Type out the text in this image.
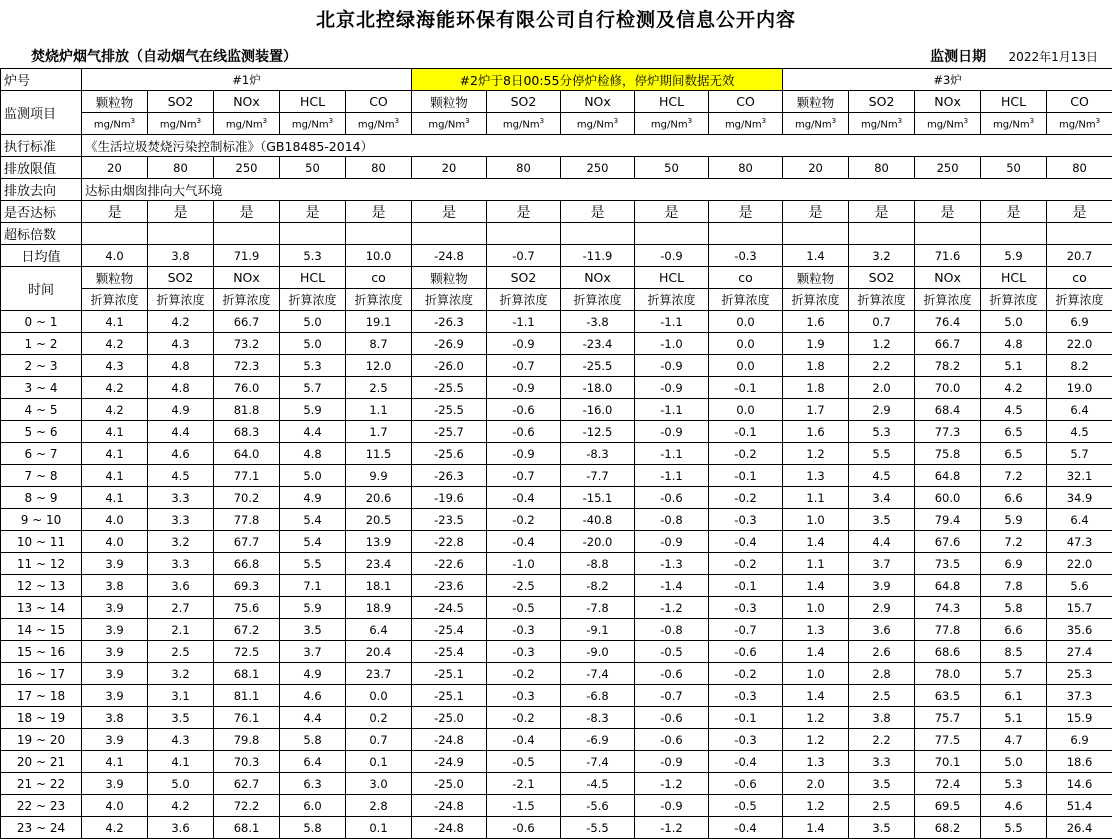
北京北控绿海能环保有限公司自行检测及信息公开内容
焚烧炉烟气排放（自动烟气在线监测装置）	监测日期 2022年1月13日
炉号	#1炉					#2炉于8日00:55分停炉检修，停炉期间数据无效					#3炉				
监测项目	颗粒物	SO2	NOx	HCL	CO	颗粒物	SO2	NOx	HCL	CO	颗粒物	SO2	NOx	HCL	CO
	mg/Nm$^3$	mg/Nm$^3$	mg/Nm$^3$	mg/Nm$^3$	mg/Nm$^3$	mg/Nm$^3$	mg/Nm$^3$	mg/Nm$^3$	mg/Nm$^3$	mg/Nm$^3$	mg/Nm$^3$	mg/Nm$^3$	mg/Nm$^3$	mg/Nm$^3$	mg/Nm$^3$
执行标准	《生活垃圾焚烧污染控制标准》（GB18485-2014）														
排放限值	20	80	250	50	80	20	80	250	50	80	20	80	250	50	80
排放去向	达标由烟囱排向大气环境														
是否达标	是	是	是	是	是	是	是	是	是	是	是	是	是	是	是
超标倍数															
日均值	4.0	3.8	71.9	5.3	10.0	-24.8	-0.7	-11.9	-0.9	-0.3	1.4	3.2	71.6	5.9	20.7
时间	颗粒物	SO2	NOx	HCL	co	颗粒物	SO2	NOx	HCL	co	颗粒物	SO2	NOx	HCL	co
	折算浓度	折算浓度	折算浓度	折算浓度	折算浓度	折算浓度	折算浓度	折算浓度	折算浓度	折算浓度	折算浓度	折算浓度	折算浓度	折算浓度	折算浓度
0 ~ 1	4.1	4.2	66.7	5.0	19.1	-26.3	-1.1	-3.8	-1.1	0.0	1.6	0.7	76.4	5.0	6.9
1 ~ 2	4.2	4.3	73.2	5.0	8.7	-26.9	-0.9	-23.4	-1.0	0.0	1.9	1.2	66.7	4.8	22.0
2 ~ 3	4.3	4.8	72.3	5.3	12.0	-26.0	-0.7	-25.5	-0.9	0.0	1.8	2.2	78.2	5.1	8.2
3 ~ 4	4.2	4.8	76.0	5.7	2.5	-25.5	-0.9	-18.0	-0.9	-0.1	1.8	2.0	70.0	4.2	19.0
4 ~ 5	4.2	4.9	81.8	5.9	1.1	-25.5	-0.6	-16.0	-1.1	0.0	1.7	2.9	68.4	4.5	6.4
5 ~ 6	4.1	4.4	68.3	4.4	1.7	-25.7	-0.6	-12.5	-0.9	-0.1	1.6	5.3	77.3	6.5	4.5
6 ~ 7	4.1	4.6	64.0	4.8	11.5	-25.6	-0.9	-8.3	-1.1	-0.2	1.2	5.5	75.8	6.5	5.7
7 ~ 8	4.1	4.5	77.1	5.0	9.9	-26.3	-0.7	-7.7	-1.1	-0.1	1.3	4.5	64.8	7.2	32.1
8 ~ 9	4.1	3.3	70.2	4.9	20.6	-19.6	-0.4	-15.1	-0.6	-0.2	1.1	3.4	60.0	6.6	34.9
9 ~ 10	4.0	3.3	77.8	5.4	20.5	-23.5	-0.2	-40.8	-0.8	-0.3	1.0	3.5	79.4	5.9	6.4
10 ~ 11	4.0	3.2	67.7	5.4	13.9	-22.8	-0.4	-20.0	-0.9	-0.4	1.4	4.4	67.6	7.2	47.3
11 ~ 12	3.9	3.3	66.8	5.5	23.4	-22.6	-1.0	-8.8	-1.3	-0.2	1.1	3.7	73.5	6.9	22.0
12 ~ 13	3.8	3.6	69.3	7.1	18.1	-23.6	-2.5	-8.2	-1.4	-0.1	1.4	3.9	64.8	7.8	5.6
13 ~ 14	3.9	2.7	75.6	5.9	18.9	-24.5	-0.5	-7.8	-1.2	-0.3	1.0	2.9	74.3	5.8	15.7
14 ~ 15	3.9	2.1	67.2	3.5	6.4	-25.4	-0.3	-9.1	-0.8	-0.7	1.3	3.6	77.8	6.6	35.6
15 ~ 16	3.9	2.5	72.5	3.7	20.4	-25.4	-0.3	-9.0	-0.5	-0.6	1.4	2.6	68.6	8.5	27.4
16 ~ 17	3.9	3.2	68.1	4.9	23.7	-25.1	-0.2	-7.4	-0.6	-0.2	1.0	2.8	78.0	5.7	25.3
17 ~ 18	3.9	3.1	81.1	4.6	0.0	-25.1	-0.3	-6.8	-0.7	-0.3	1.4	2.5	63.5	6.1	37.3
18 ~ 19	3.8	3.5	76.1	4.4	0.2	-25.0	-0.2	-8.3	-0.6	-0.1	1.2	3.8	75.7	5.1	15.9
19 ~ 20	3.9	4.3	79.8	5.8	0.7	-24.8	-0.4	-6.9	-0.6	-0.3	1.2	2.2	77.5	4.7	6.9
20 ~ 21	4.1	4.1	70.3	6.4	0.1	-24.9	-0.5	-7.4	-0.9	-0.4	1.3	3.3	70.1	5.0	18.6
21 ~ 22	3.9	5.0	62.7	6.3	3.0	-25.0	-2.1	-4.5	-1.2	-0.6	2.0	3.5	72.4	5.3	14.6
22 ~ 23	4.0	4.2	72.2	6.0	2.8	-24.8	-1.5	-5.6	-0.9	-0.5	1.2	2.5	69.5	4.6	51.4
23 ~ 24	4.2	3.6	68.1	5.8	0.1	-24.8	-0.6	-5.5	-1.2	-0.4	1.4	3.5	68.2	5.5	26.4
